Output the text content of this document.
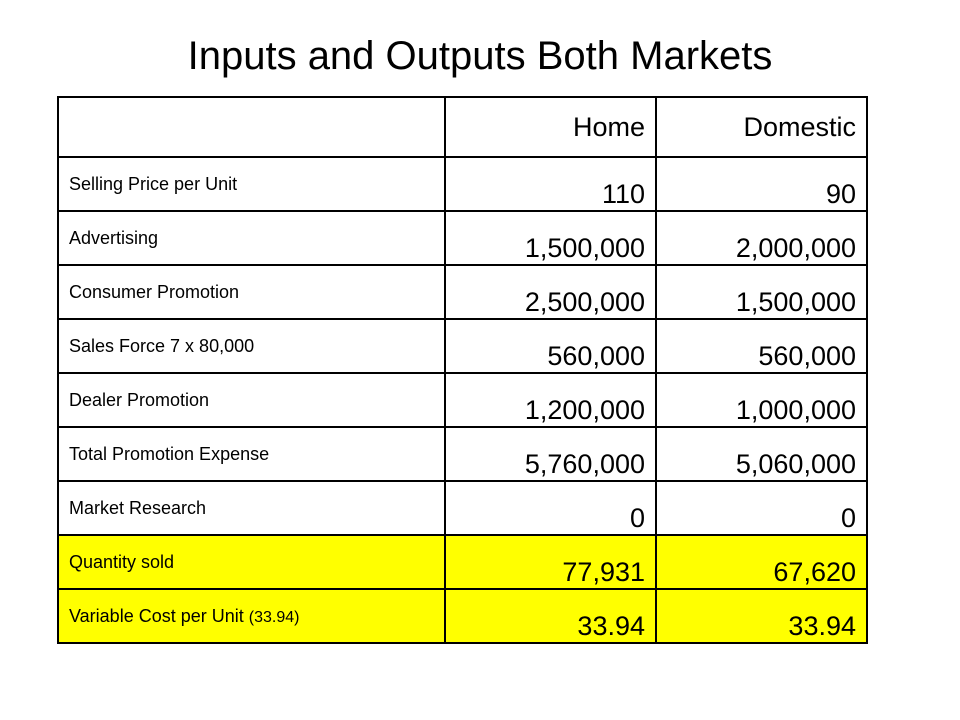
Inputs and Outputs Both Markets
	Home	Domestic
Selling Price per Unit	110	90
Advertising	1,500,000	2,000,000
Consumer Promotion	2,500,000	1,500,000
Sales Force 7 x 80,000	560,000	560,000
Dealer Promotion	1,200,000	1,000,000
Total Promotion Expense	5,760,000	5,060,000
Market Research	0	0
Quantity sold	77,931	67,620
Variable Cost per Unit (33.94)	33.94	33.94
